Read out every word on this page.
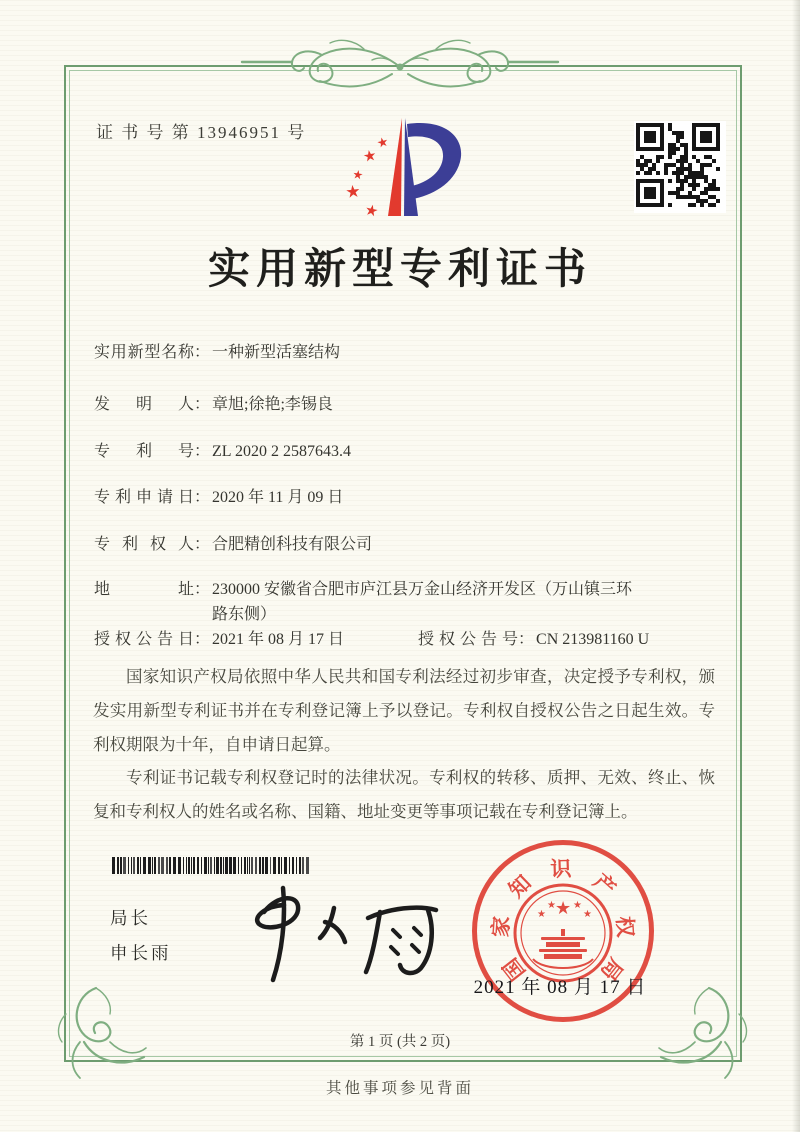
证 书 号 第 13946951 号
★
★
★
★
★
实用新型专利证书
实用新型名称 ： 一种新型活塞结构
发明人 ： 章旭;徐艳;李锡良
专利号 ： ZL 2020 2 2587643.4
专利申请日 ： 2020 年 11 月 09 日
专利权人 ： 合肥精创科技有限公司
地址 ： 230000 安徽省合肥市庐江县万金山经济开发区（万山镇三环路东侧）
授权公告日 ： 2021 年 08 月 17 日	授权公告号 ： CN 213981160 U

国家知识产权局依照中华人民共和国专利法经过初步审查，决定授予专利权，颁发实用新型专利证书并在专利登记簿上予以登记。专利权自授权公告之日起生效。专利权期限为十年，自申请日起算。

专利证书记载专利权登记时的法律状况。专利权的转移、质押、无效、终止、恢复和专利权人的姓名或名称、国籍、地址变更等事项记载在专利登记簿上。

局长
申长雨
国
家
知
识 产
权
局
★
★
★ ★
★
2021 年 08 月 17 日
第 1 页 (共 2 页)
其他事项参见背面
